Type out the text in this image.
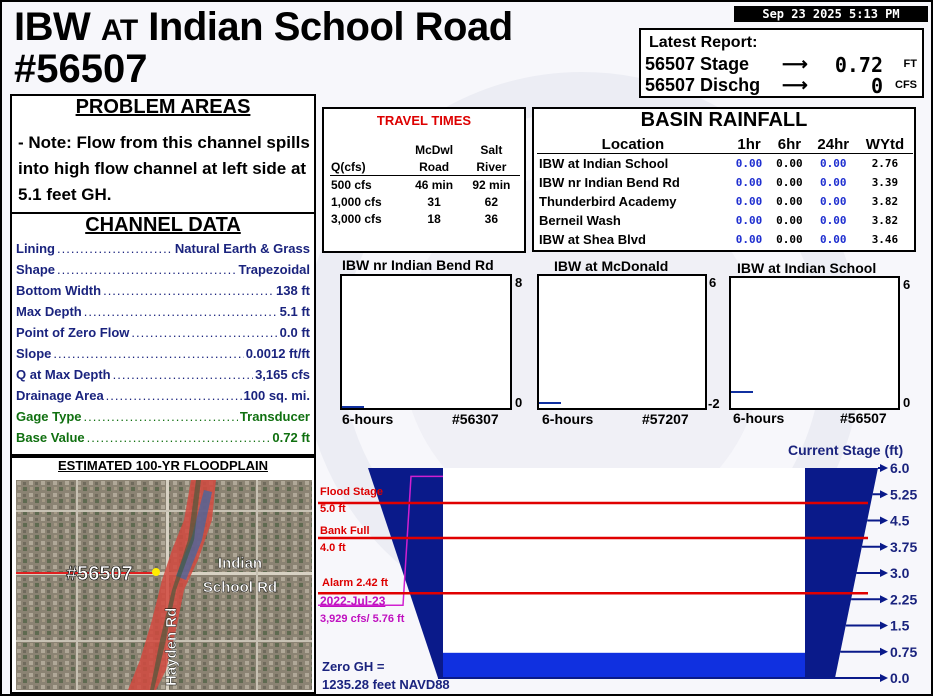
IBW AT Indian School Road
#56507
Sep 23 2025 5:13 PM
Latest Report:
56507 Stage ⟶ 0.72 FT
56507 Dischg ⟶	0 CFS
PROBLEM AREAS
- Note: Flow from this channel spills into high flow channel at left side at 5.1 feet GH.
CHANNEL DATA
Lining .....	Natural Earth & Grass
Shape .....	Trapezoidal
Bottom Width .....	138 ft
Max Depth .....	5.1 ft
Point of Zero Flow .....	0.0 ft
Slope .....	0.0012 ft/ft
Q at Max Depth .....	3,165 cfs
Drainage Area .....	100 sq. mi.
Gage Type .....	Transducer
Base Value .....	0.72 ft
ESTIMATED 100-YR FLOODPLAIN
#56507	Indian
School Rd
Hayden Rd
TRAVEL TIMES
	McDwl	Salt
Q(cfs)	Road	River
500 cfs	46 min	92 min
1,000 cfs	31	62
3,000 cfs	18	36
BASIN RAINFALL
Location	1hr	6hr	24hr	WYtd
IBW at Indian School	0.00	0.00	0.00	2.76
IBW nr Indian Bend Rd	0.00	0.00	0.00	3.39
Thunderbird Academy	0.00	0.00	0.00	3.82
Berneil Wash	0.00	0.00	0.00	3.82
IBW at Shea Blvd	0.00	0.00	0.00	3.46
IBW nr Indian Bend Rd
8
0
6-hours	#56307
IBW at McDonald
6
-2
6-hours	#57207
IBW at Indian School
6
0
6-hours	#56507
Current Stage (ft)
6.0
5.25
4.5
3.75
3.0
2.25
1.5
0.75
0.0
Flood Stage
5.0 ft
Bank Full
4.0 ft
Alarm 2.42 ft
2022-Jul-23
3,929 cfs/ 5.76 ft
Zero GH =
1235.28 feet NAVD88
